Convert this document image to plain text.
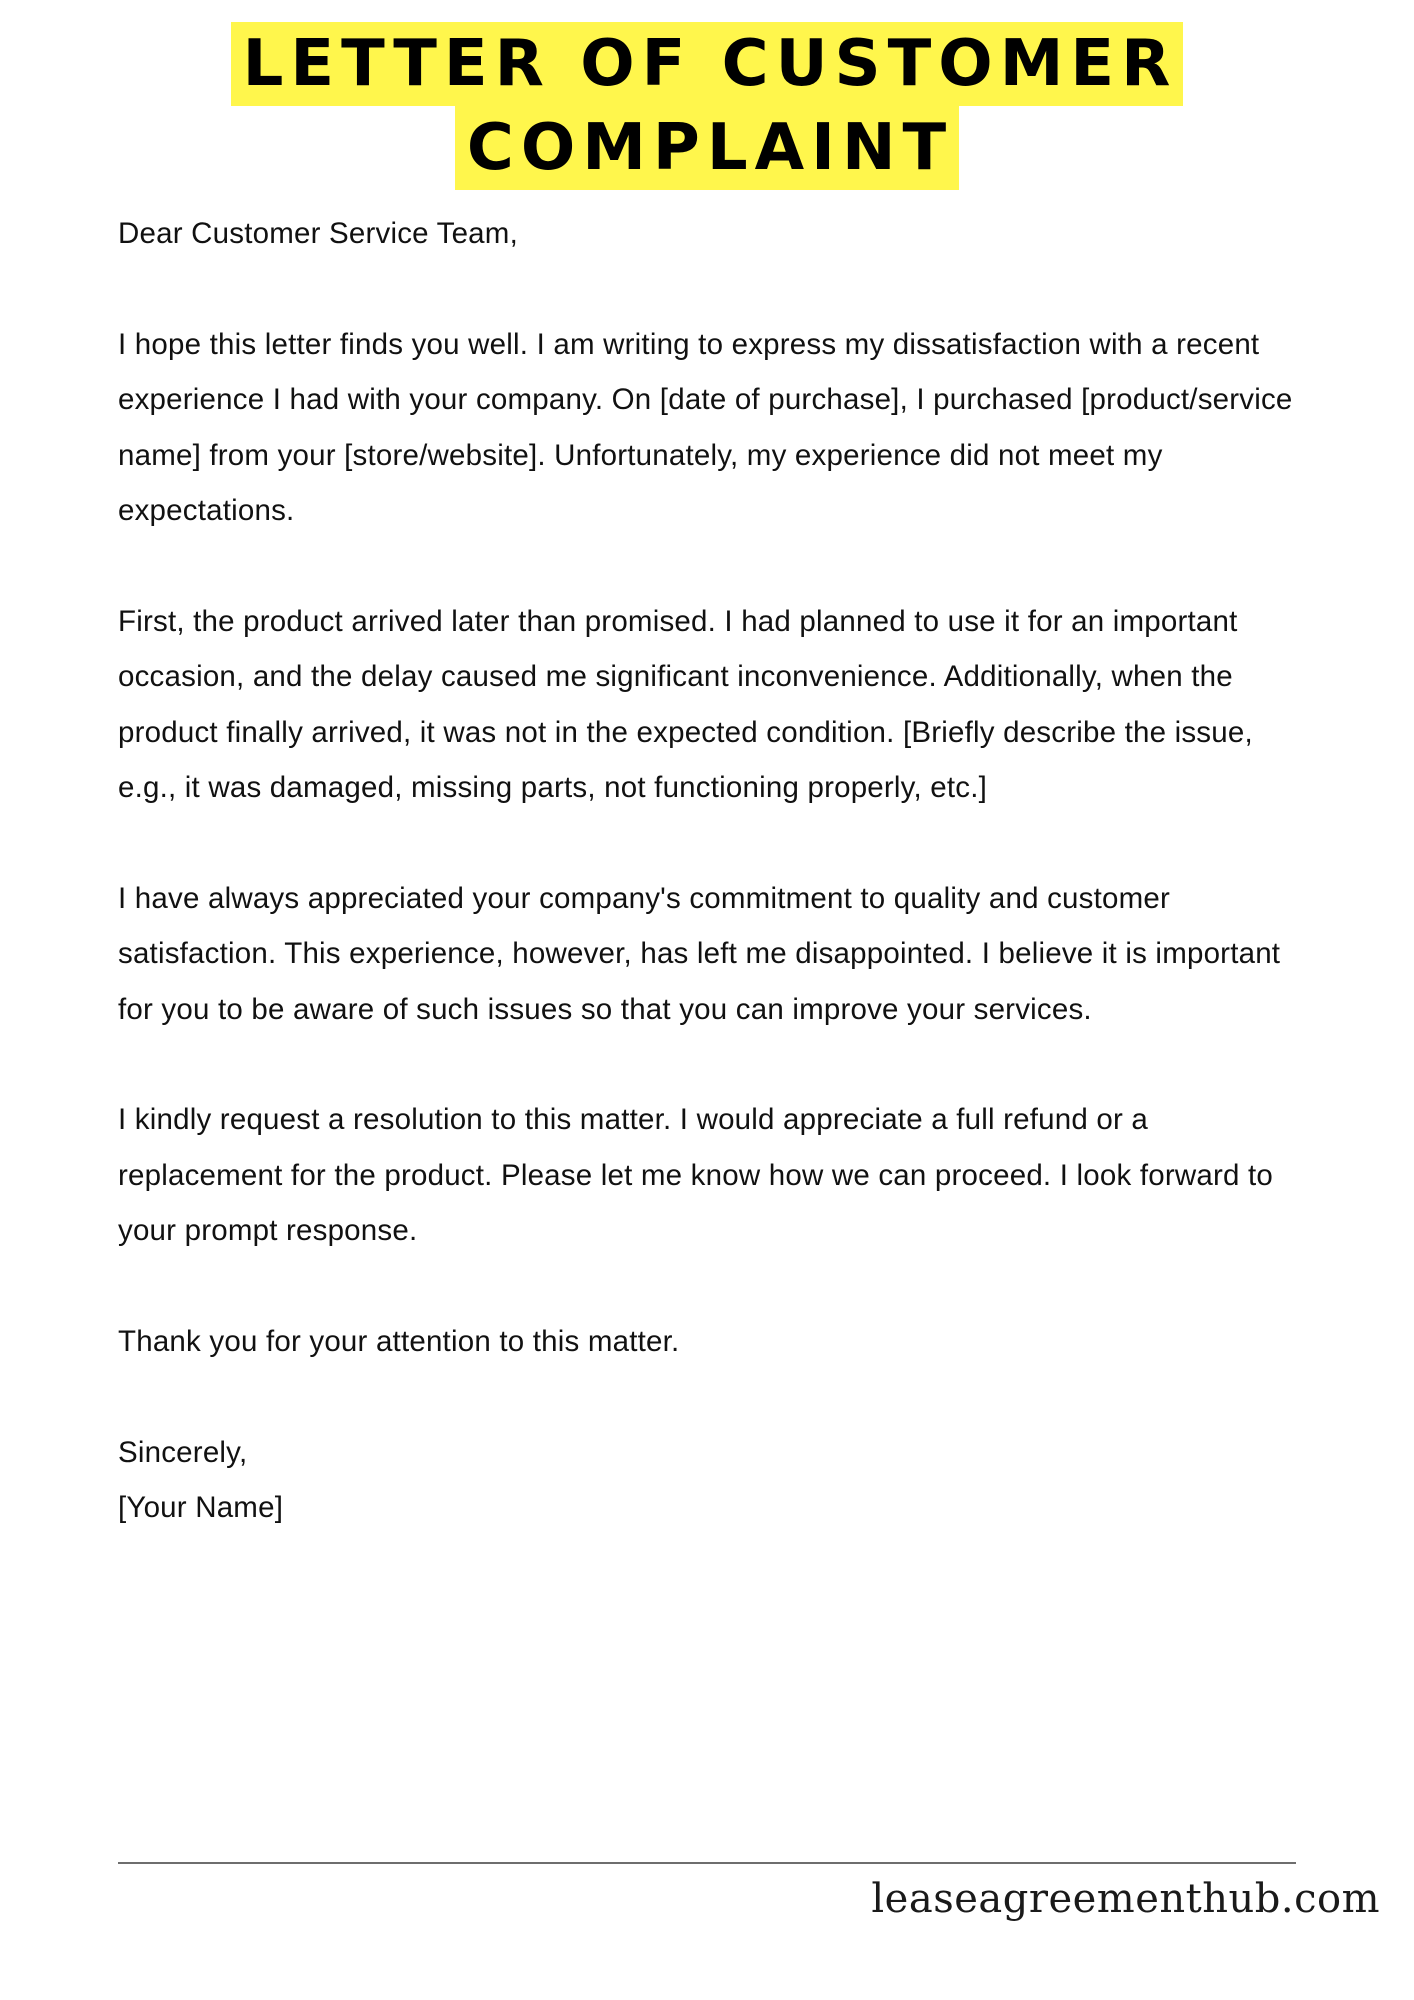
LETTER OF CUSTOMER
COMPLAINT

Dear Customer Service Team,

I hope this letter finds you well. I am writing to express my dissatisfaction with a recent experience I had with your company. On [date of purchase], I purchased [product/service name] from your [store/website]. Unfortunately, my experience did not meet my expectations.

First, the product arrived later than promised. I had planned to use it for an important occasion, and the delay caused me significant inconvenience. Additionally, when the product finally arrived, it was not in the expected condition. [Briefly describe the issue, e.g., it was damaged, missing parts, not functioning properly, etc.]

I have always appreciated your company's commitment to quality and customer satisfaction. This experience, however, has left me disappointed. I believe it is important for you to be aware of such issues so that you can improve your services.

I kindly request a resolution to this matter. I would appreciate a full refund or a replacement for the product. Please let me know how we can proceed. I look forward to your prompt response.

Thank you for your attention to this matter.

Sincerely,

[Your Name]

leaseagreementhub.com
